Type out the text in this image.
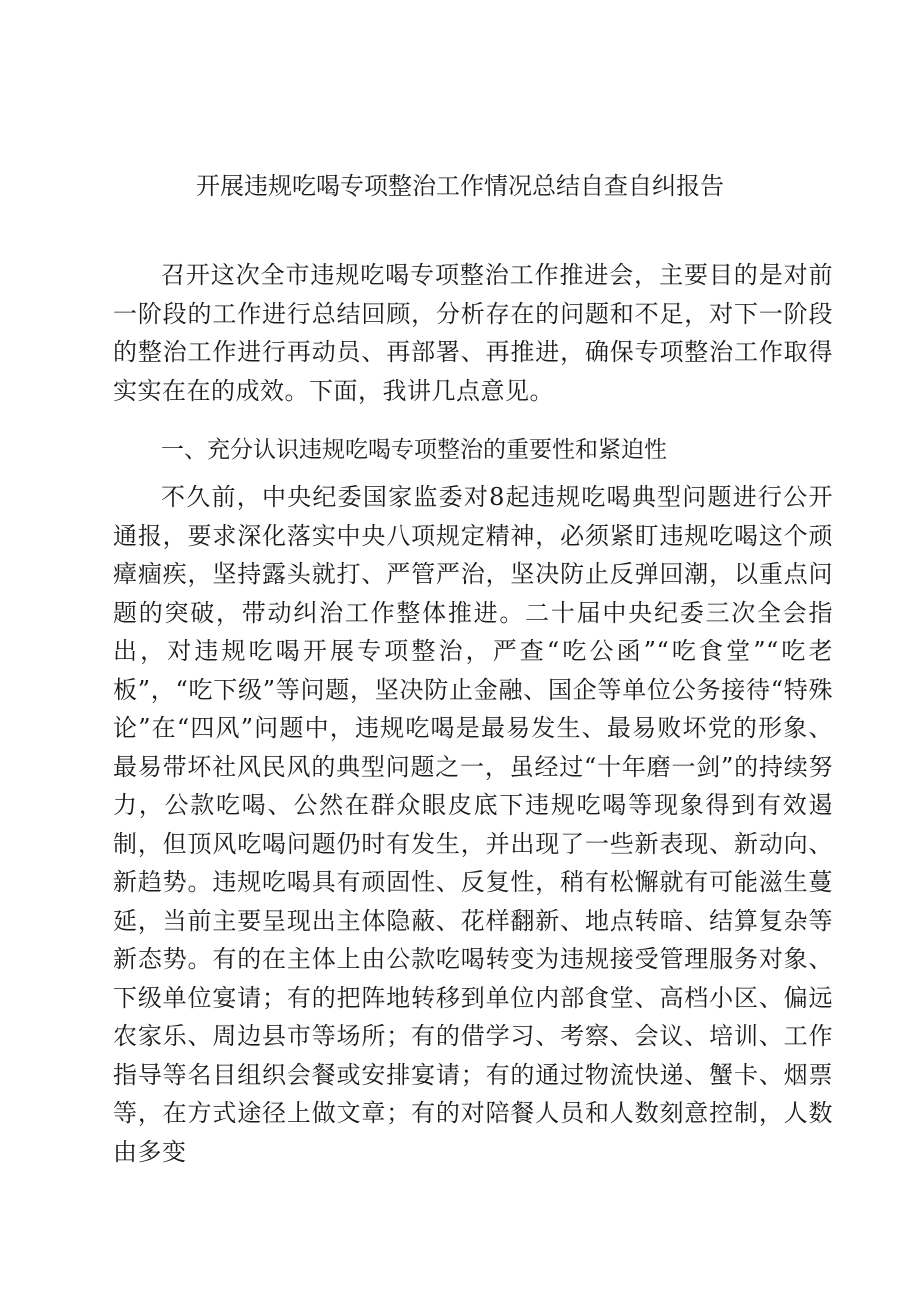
开展违规吃喝专项整治工作情况总结自查自纠报告

召开这次全市违规吃喝专项整治工作推进会，主要目的是对前一阶段的工作进行总结回顾，分析存在的问题和不足，对下一阶段的整治工作进行再动员、再部署、再推进，确保专项整治工作取得实实在在的成效。下面，我讲几点意见。

一、充分认识违规吃喝专项整治的重要性和紧迫性

不久前，中央纪委国家监委对8起违规吃喝典型问题进行公开通报，要求深化落实中央八项规定精神，必须紧盯违规吃喝这个顽瘴痼疾，坚持露头就打、严管严治，坚决防止反弹回潮，以重点问题的突破，带动纠治工作整体推进。二十届中央纪委三次全会指出，对违规吃喝开展专项整治，严查“吃公函”“吃食堂”“吃老板”，“吃下级”等问题，坚决防止金融、国企等单位公务接待“特殊论”在“四风”问题中，违规吃喝是最易发生、最易败坏党的形象、最易带坏社风民风的典型问题之一，虽经过“十年磨一剑”的持续努力，公款吃喝、公然在群众眼皮底下违规吃喝等现象得到有效遏制，但顶风吃喝问题仍时有发生，并出现了一些新表现、新动向、新趋势。违规吃喝具有顽固性、反复性，稍有松懈就有可能滋生蔓延，当前主要呈现出主体隐蔽、花样翻新、地点转暗、结算复杂等新态势。有的在主体上由公款吃喝转变为违规接受管理服务对象、下级单位宴请；有的把阵地转移到单位内部食堂、高档小区、偏远农家乐、周边县市等场所；有的借学习、考察、会议、培训、工作指导等名目组织会餐或安排宴请；有的通过物流快递、蟹卡、烟票等，在方式途径上做文章；有的对陪餐人员和人数刻意控制，人数由多变
